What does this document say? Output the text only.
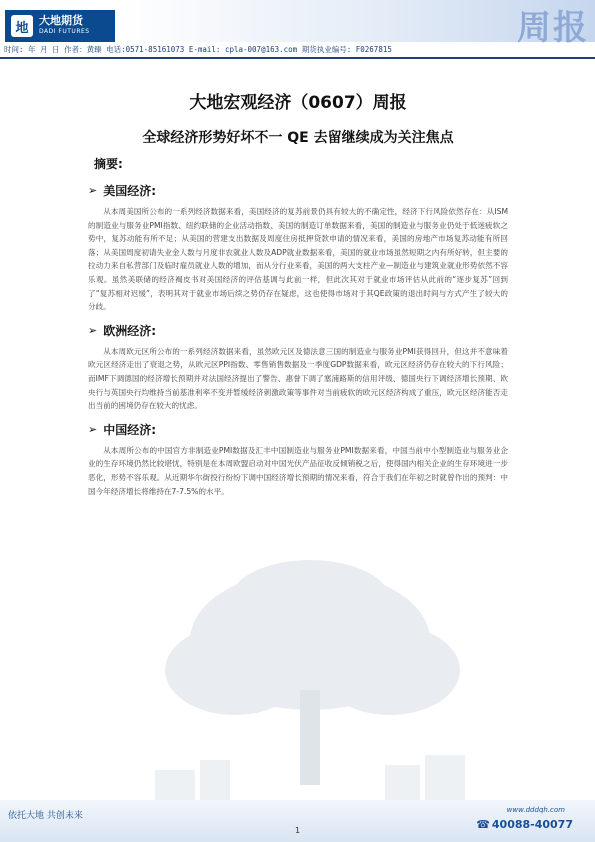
地 大地期货
DADI FUTURES	周报
时间: 年 月 日 作者：黄臻 电话:0571-85161073 E-mail: cpla-007@163.com 期货执业编号: F0267815
大地宏观经济（0607）周报
全球经济形势好坏不一 QE 去留继续成为关注焦点
摘要:
➢ 美国经济:

从本周美国所公布的一系列经济数据来看，美国经济的复苏前景仍具有较大的不确定性，经济下行风险依然存在：从ISM的制造业与服务业PMI指数、纽约联储的企业活动指数、美国的制造订单数据来看，美国的制造业与服务业仍处于低迷疲软之势中，复苏动能有所不足；从美国的营建支出数据及周度住房抵押贷款申请的情况来看，美国的房地产市场复苏动能有所回落；从美国周度初请失业金人数与月度非农就业人数及ADP就业数据来看，美国的就业市场虽然短期之内有所好转，但主要的拉动力来自私营部门及临时雇员就业人数的增加，而从分行业来看，美国的两大支柱产业—制造业与建筑业就业形势依然不容乐观。虽然美联储的经济褐皮书对美国经济的评估基调与此前一样，但此次其对于就业市场评估从此前的“逐步复苏”回到了“复苏相对迟缓”，表明其对于就业市场后续之势仍存在疑虑，这也使得市场对于其QE政策的退出时间与方式产生了较大的分歧。

➢ 欧洲经济:

从本周欧元区所公布的一系列经济数据来看，虽然欧元区及德法意三国的制造业与服务业PMI获得回升，但这并不意味着欧元区经济走出了衰退之势，从欧元区PPI指数、零售销售数据及一季度GDP数据来看，欧元区经济仍存在较大的下行风险；而IMF下调德国的经济增长预期并对法国经济提出了警告、惠誉下调了塞浦路斯的信用评级、德国央行下调经济增长预期、欧央行与英国央行均维持当前基准利率不变并暂缓经济刺激政策等事件对当前疲软的欧元区经济构成了重压，欧元区经济能否走出当前的困境仍存在较大的忧虑。

➢ 中国经济:

从本周所公布的中国官方非制造业PMI数据及汇丰中国制造业与服务业PMI数据来看，中国当前中小型制造业与服务业企业的生存环境仍然比较堪忧，特别是在本周欧盟启动对中国光伏产品征收反倾销税之后，使得国内相关企业的生存环境进一步恶化，形势不容乐观。从近期华尔街投行纷纷下调中国经济增长预期的情况来看，符合于我们在年初之时就曾作出的预判：中国今年经济增长将维持在7-7.5%的水平。

依托大地 共创未来
1
www.dddqh.com
☎ 40088-40077
